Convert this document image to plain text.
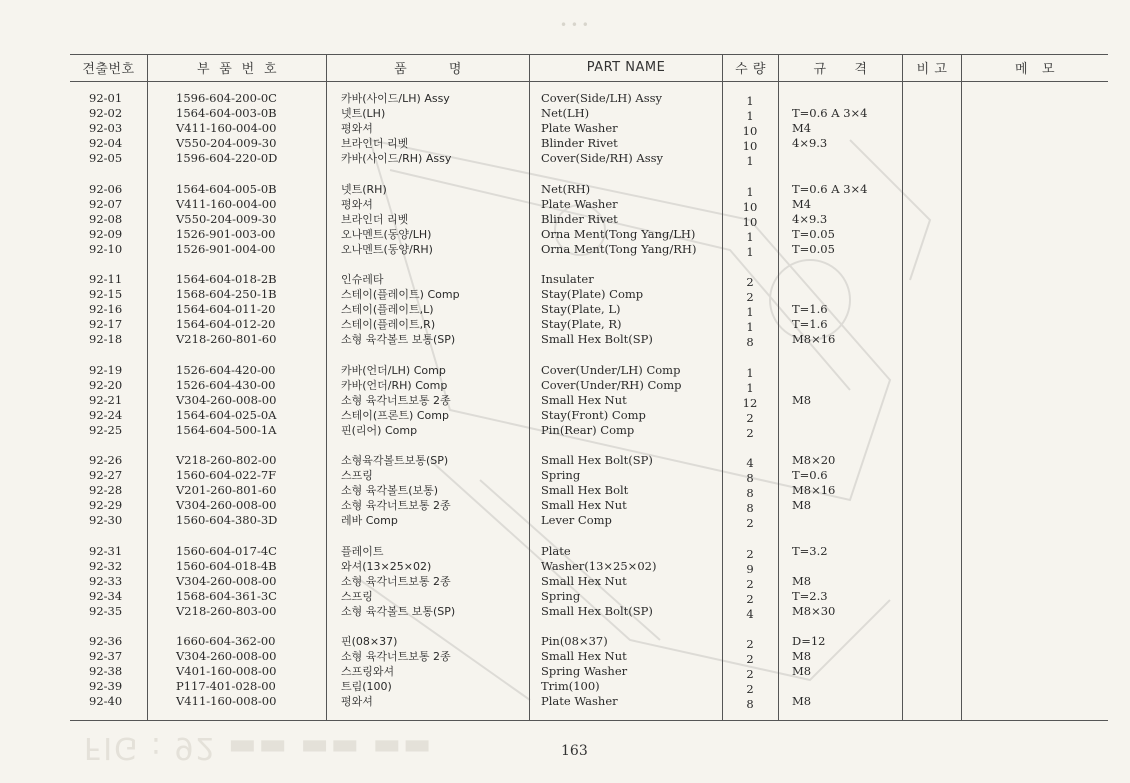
• • •
FIG : 92 ▬▬ ▬▬ ▬▬
견출번호	부  품  번  호	품         명	PART NAME	수 량	규      격	비 고	메   모
92-01	1596-604-200-0C	카바(사이드/LH) Assy	Cover(Side/LH) Assy	1
92-02	1564-604-003-0B	넷트(LH)	Net(LH)	1	T=0.6 A 3×4
92-03	V411-160-004-00	평와셔	Plate Washer	10	M4
92-04	V550-204-009-30	브라인더 리벳	Blinder Rivet	10	4×9.3
92-05	1596-604-220-0D	카바(사이드/RH) Assy	Cover(Side/RH) Assy	1
92-06	1564-604-005-0B	넷트(RH)	Net(RH)	1	T=0.6 A 3×4
92-07	V411-160-004-00	평와셔	Plate Washer	10	M4
92-08	V550-204-009-30	브라인더 리벳	Blinder Rivet	10	4×9.3
92-09	1526-901-003-00	오나멘트(동양/LH)	Orna Ment(Tong Yang/LH)	1	T=0.05
92-10	1526-901-004-00	오나멘트(동양/RH)	Orna Ment(Tong Yang/RH)	1	T=0.05
92-11	1564-604-018-2B	인슈레타	Insulater	2
92-15	1568-604-250-1B	스테이(플레이트) Comp	Stay(Plate) Comp	2
92-16	1564-604-011-20	스테이(플레이트,L)	Stay(Plate, L)	1	T=1.6
92-17	1564-604-012-20	스테이(플레이트,R)	Stay(Plate, R)	1	T=1.6
92-18	V218-260-801-60	소형 육각볼트 보통(SP)	Small Hex Bolt(SP)	8	M8×16
92-19	1526-604-420-00	카바(언더/LH) Comp	Cover(Under/LH) Comp	1
92-20	1526-604-430-00	카바(언더/RH) Comp	Cover(Under/RH) Comp	1
92-21	V304-260-008-00	소형 육각너트보통 2종	Small Hex Nut	12	M8
92-24	1564-604-025-0A	스테이(프론트) Comp	Stay(Front) Comp	2
92-25	1564-604-500-1A	핀(리어) Comp	Pin(Rear) Comp	2
92-26	V218-260-802-00	소형육각볼트보통(SP)	Small Hex Bolt(SP)	4	M8×20
92-27	1560-604-022-7F	스프링	Spring	8	T=0.6
92-28	V201-260-801-60	소형 육각볼트(보통)	Small Hex Bolt	8	M8×16
92-29	V304-260-008-00	소형 육각너트보통 2종	Small Hex Nut	8	M8
92-30	1560-604-380-3D	레바 Comp	Lever Comp	2
92-31	1560-604-017-4C	플레이트	Plate	2	T=3.2
92-32	1560-604-018-4B	와셔(13×25×02)	Washer(13×25×02)	9
92-33	V304-260-008-00	소형 육각너트보통 2종	Small Hex Nut	2	M8
92-34	1568-604-361-3C	스프링	Spring	2	T=2.3
92-35	V218-260-803-00	소형 육각볼트 보통(SP)	Small Hex Bolt(SP)	4	M8×30
92-36	1660-604-362-00	핀(08×37)	Pin(08×37)	2	D=12
92-37	V304-260-008-00	소형 육각너트보통 2종	Small Hex Nut	2	M8
92-38	V401-160-008-00	스프링와셔	Spring Washer	2	M8
92-39	P117-401-028-00	트림(100)	Trim(100)	2
92-40	V411-160-008-00	평와셔	Plate Washer	8	M8
163
